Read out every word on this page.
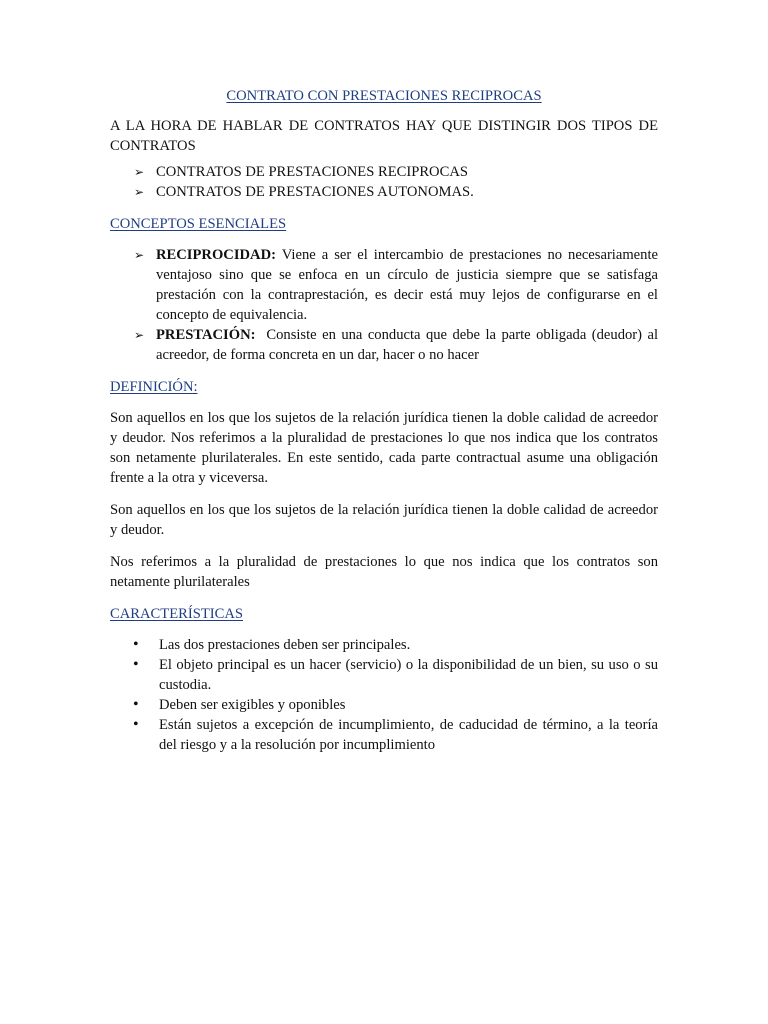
CONTRATO CON PRESTACIONES RECIPROCAS

A LA HORA DE HABLAR DE CONTRATOS HAY QUE DISTINGIR DOS TIPOS DE CONTRATOS

➢ CONTRATOS DE PRESTACIONES RECIPROCAS
➢ CONTRATOS DE PRESTACIONES AUTONOMAS.
CONCEPTOS ESENCIALES
➢ RECIPROCIDAD: Viene a ser el intercambio de prestaciones no necesariamente ventajoso sino que se enfoca en un círculo de justicia siempre que se satisfaga prestación con la contraprestación, es decir está muy lejos de configurarse en el concepto de equivalencia.
➢ PRESTACIÓN:  Consiste en una conducta que debe la parte obligada (deudor) al acreedor, de forma concreta en un dar, hacer o no hacer
DEFINICIÓN:

Son aquellos en los que los sujetos de la relación jurídica tienen la doble calidad de acreedor y deudor. Nos referimos a la pluralidad de prestaciones lo que nos indica que los contratos son netamente plurilaterales. En este sentido, cada parte contractual asume una obligación frente a la otra y viceversa.

Son aquellos en los que los sujetos de la relación jurídica tienen la doble calidad de acreedor y deudor.

Nos referimos a la pluralidad de prestaciones lo que nos indica que los contratos son netamente plurilaterales

CARACTERÍSTICAS
• Las dos prestaciones deben ser principales.
• El objeto principal es un hacer (servicio) o la disponibilidad de un bien, su uso o su custodia.
• Deben ser exigibles y oponibles
• Están sujetos a excepción de incumplimiento, de caducidad de término, a la teoría del riesgo y a la resolución por incumplimiento
